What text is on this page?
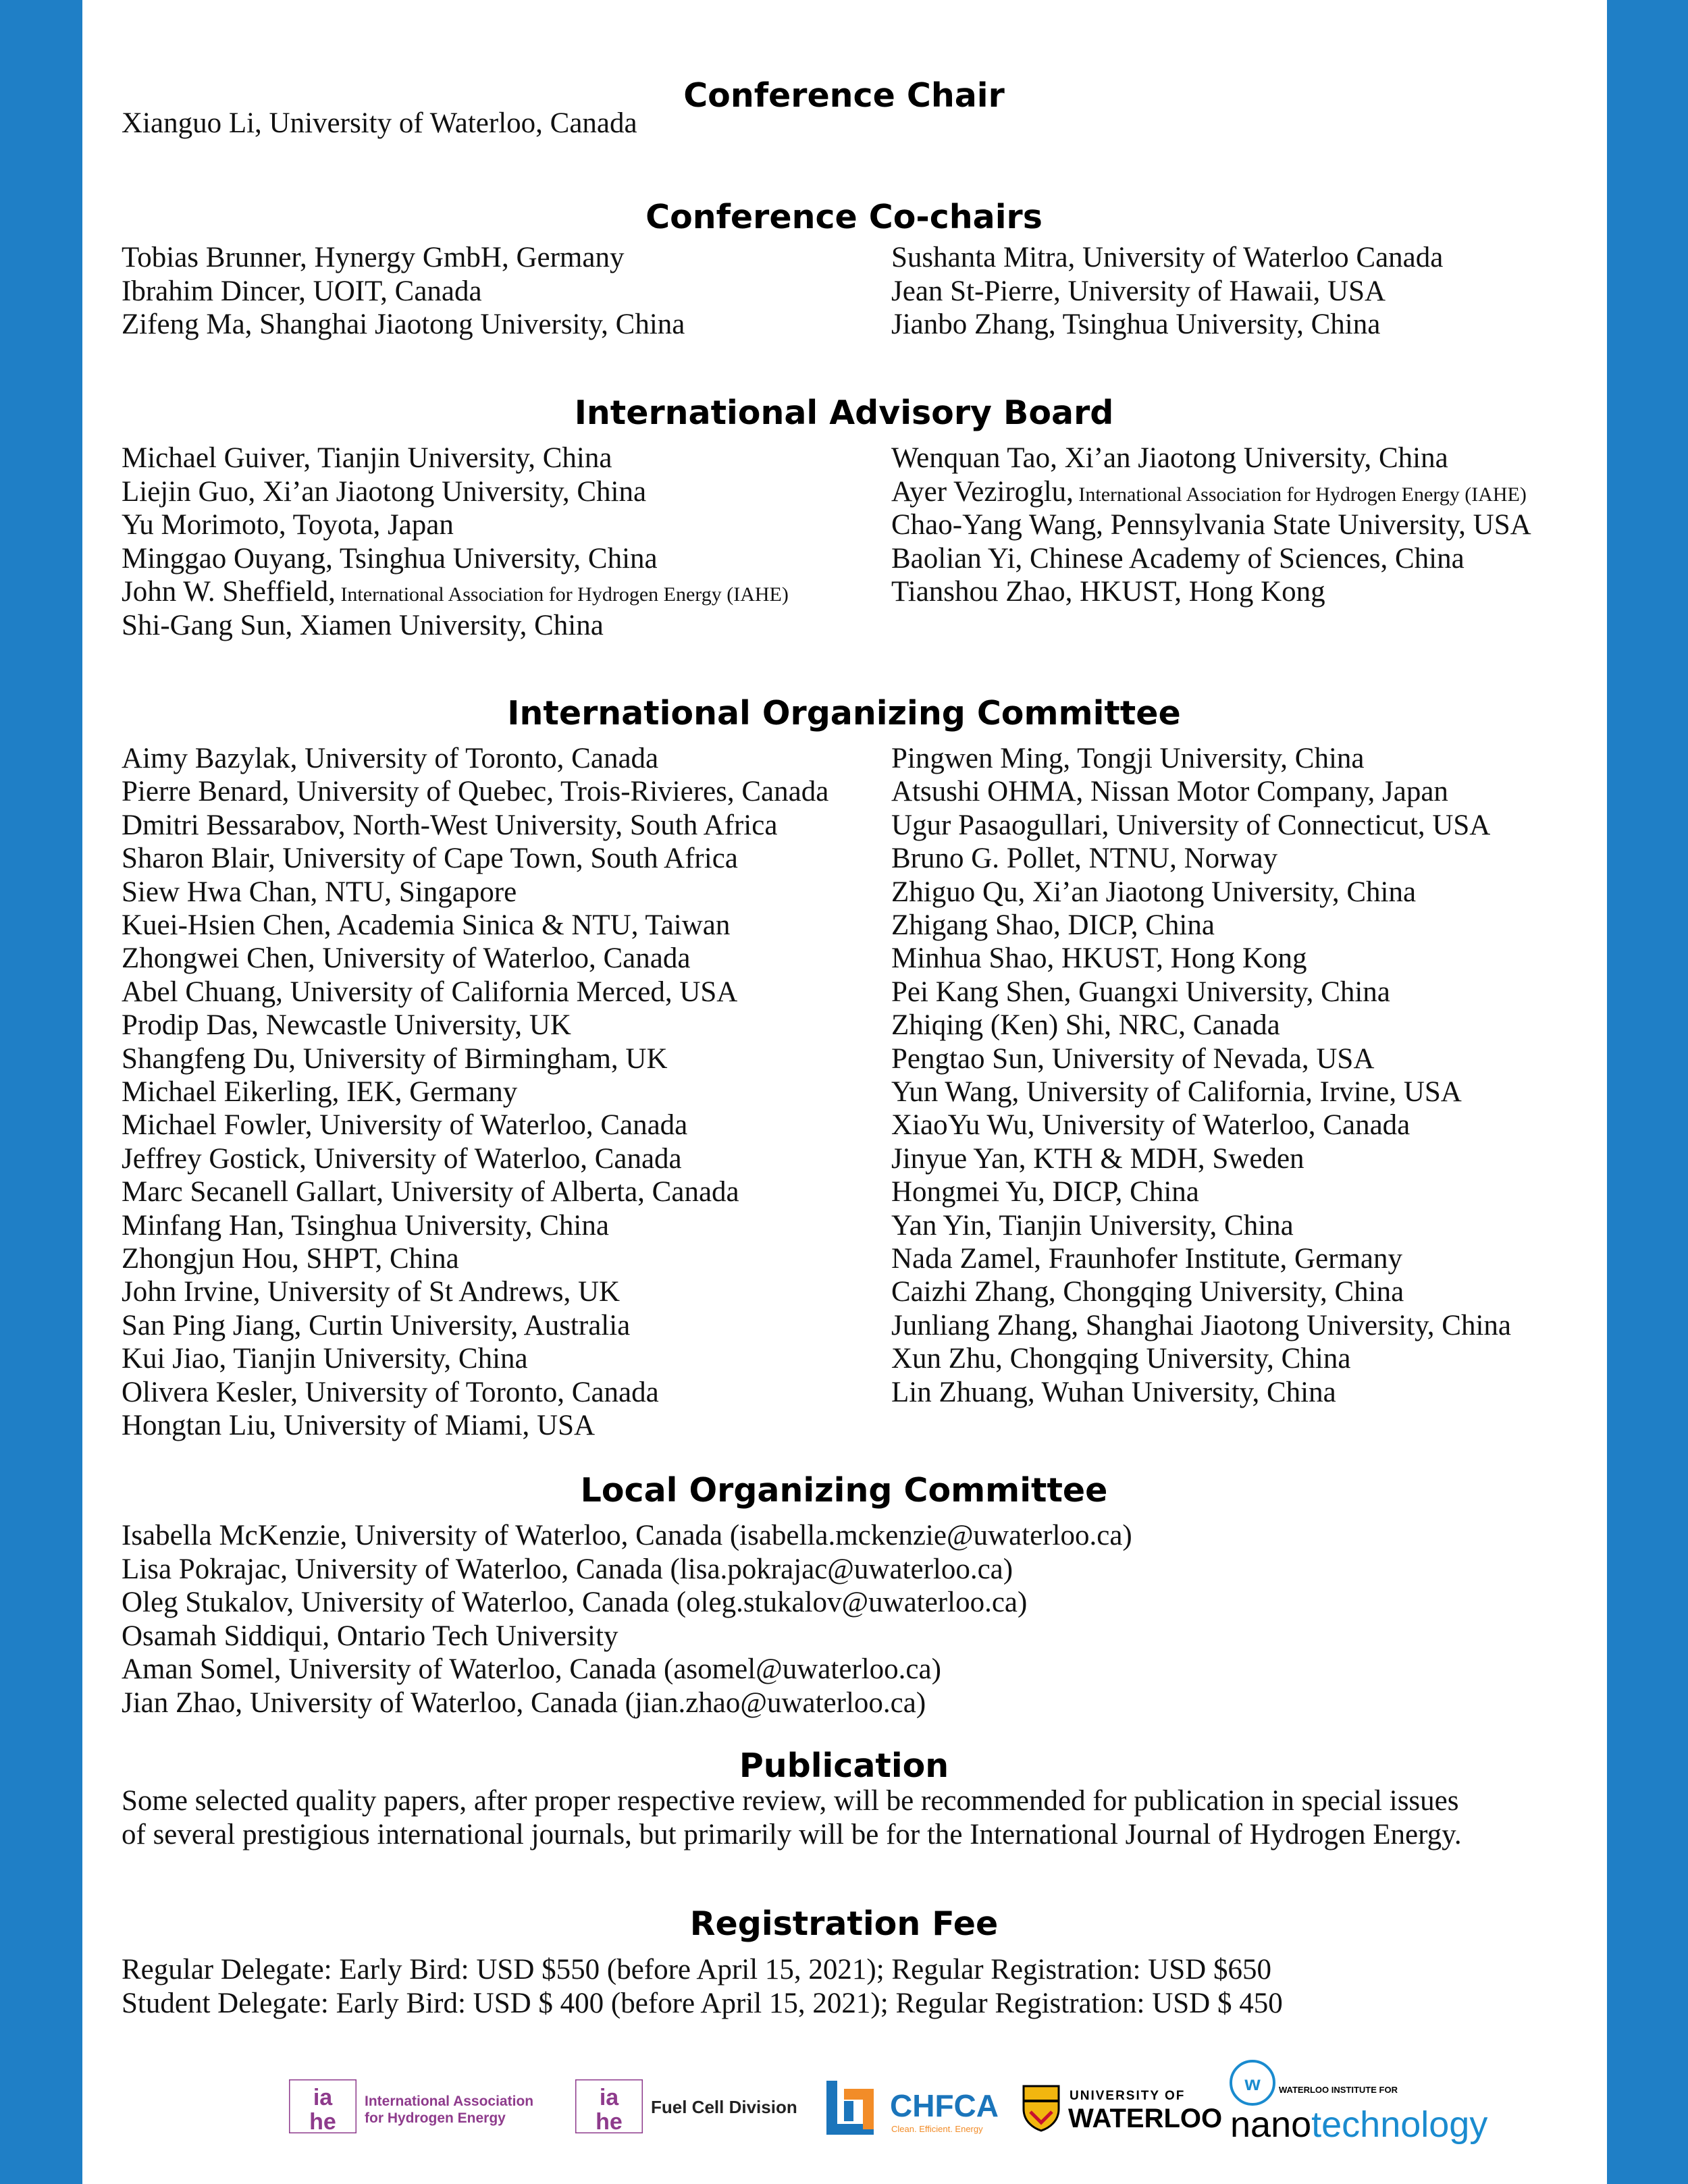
Conference Chair
Xianguo Li, University of Waterloo, Canada
Conference Co-chairs
Tobias Brunner, Hynergy GmbH, Germany
Ibrahim Dincer, UOIT, Canada
Zifeng Ma, Shanghai Jiaotong University, China
Sushanta Mitra, University of Waterloo Canada
Jean St-Pierre, University of Hawaii, USA
Jianbo Zhang, Tsinghua University, China
International Advisory Board
Michael Guiver, Tianjin University, China
Liejin Guo, Xi’an Jiaotong University, China
Yu Morimoto, Toyota, Japan
Minggao Ouyang, Tsinghua University, China
John W. Sheffield, International Association for Hydrogen Energy (IAHE)
Shi-Gang Sun, Xiamen University, China
Wenquan Tao, Xi’an Jiaotong University, China
Ayer Veziroglu, International Association for Hydrogen Energy (IAHE)
Chao-Yang Wang, Pennsylvania State University, USA
Baolian Yi, Chinese Academy of Sciences, China
Tianshou Zhao, HKUST, Hong Kong
International Organizing Committee
Aimy Bazylak, University of Toronto, Canada
Pierre Benard, University of Quebec, Trois-Rivieres, Canada
Dmitri Bessarabov, North-West University, South Africa
Sharon Blair, University of Cape Town, South Africa
Siew Hwa Chan, NTU, Singapore
Kuei-Hsien Chen, Academia Sinica & NTU, Taiwan
Zhongwei Chen, University of Waterloo, Canada
Abel Chuang, University of California Merced, USA
Prodip Das, Newcastle University, UK
Shangfeng Du, University of Birmingham, UK
Michael Eikerling, IEK, Germany
Michael Fowler, University of Waterloo, Canada
Jeffrey Gostick, University of Waterloo, Canada
Marc Secanell Gallart, University of Alberta, Canada
Minfang Han, Tsinghua University, China
Zhongjun Hou, SHPT, China
John Irvine, University of St Andrews, UK
San Ping Jiang, Curtin University, Australia
Kui Jiao, Tianjin University, China
Olivera Kesler, University of Toronto, Canada
Hongtan Liu, University of Miami, USA
Pingwen Ming, Tongji University, China
Atsushi OHMA, Nissan Motor Company, Japan
Ugur Pasaogullari, University of Connecticut, USA
Bruno G. Pollet, NTNU, Norway
Zhiguo Qu, Xi’an Jiaotong University, China
Zhigang Shao, DICP, China
Minhua Shao, HKUST, Hong Kong
Pei Kang Shen, Guangxi University, China
Zhiqing (Ken) Shi, NRC, Canada
Pengtao Sun, University of Nevada, USA
Yun Wang, University of California, Irvine, USA
XiaoYu Wu, University of Waterloo, Canada
Jinyue Yan, KTH & MDH, Sweden
Hongmei Yu, DICP, China
Yan Yin, Tianjin University, China
Nada Zamel, Fraunhofer Institute, Germany
Caizhi Zhang, Chongqing University, China
Junliang Zhang, Shanghai Jiaotong University, China
Xun Zhu, Chongqing University, China
Lin Zhuang, Wuhan University, China
Local Organizing Committee
Isabella McKenzie, University of Waterloo, Canada (isabella.mckenzie@uwaterloo.ca)
Lisa Pokrajac, University of Waterloo, Canada (lisa.pokrajac@uwaterloo.ca)
Oleg Stukalov, University of Waterloo, Canada (oleg.stukalov@uwaterloo.ca)
Osamah Siddiqui, Ontario Tech University
Aman Somel, University of Waterloo, Canada (asomel@uwaterloo.ca)
Jian Zhao, University of Waterloo, Canada (jian.zhao@uwaterloo.ca)
Publication
Some selected quality papers, after proper respective review, will be recommended for publication in special issues
of several prestigious international journals, but primarily will be for the International Journal of Hydrogen Energy.
Registration Fee
Regular Delegate: Early Bird: USD $550 (before April 15, 2021); Regular Registration: USD $650
Student Delegate: Early Bird: USD $ 400 (before April 15, 2021); Regular Registration: USD $ 450
ia
he
International Association for Hydrogen Energy
ia
he
Fuel Cell Division	CHFCA
Clean. Efficient. Energy
UNIVERSITY OF
WATERLOO
w WATERLOO INSTITUTE FOR
nanotechnology
